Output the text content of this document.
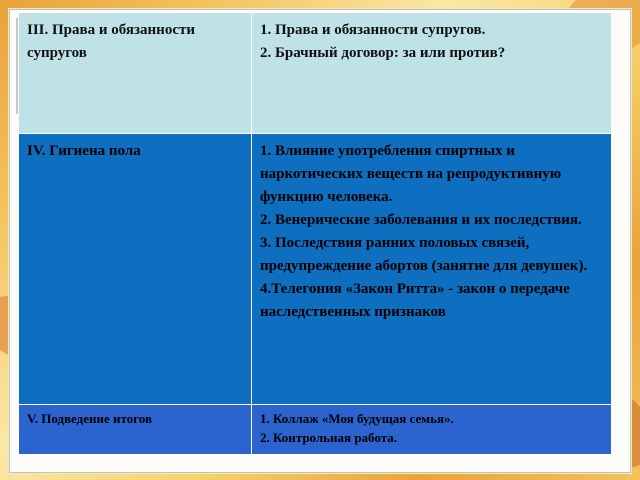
III. Права и обязанности супругов	1. Права и обязанности супругов.
2. Брачный договор: за или против?

IV. Гигиена пола	1. Влияние употребления спиртных и наркотических веществ на репродуктивную функцию человека.
2. Венерические заболевания и их последствия.
3. Последствия ранних половых связей, предупреждение абортов (занятие для девушек).
4.Телегония «Закон Ритта» - закон о передаче наследственных признаков

V. Подведение итогов	1. Коллаж «Моя будущая семья».
2. Контрольная работа.
